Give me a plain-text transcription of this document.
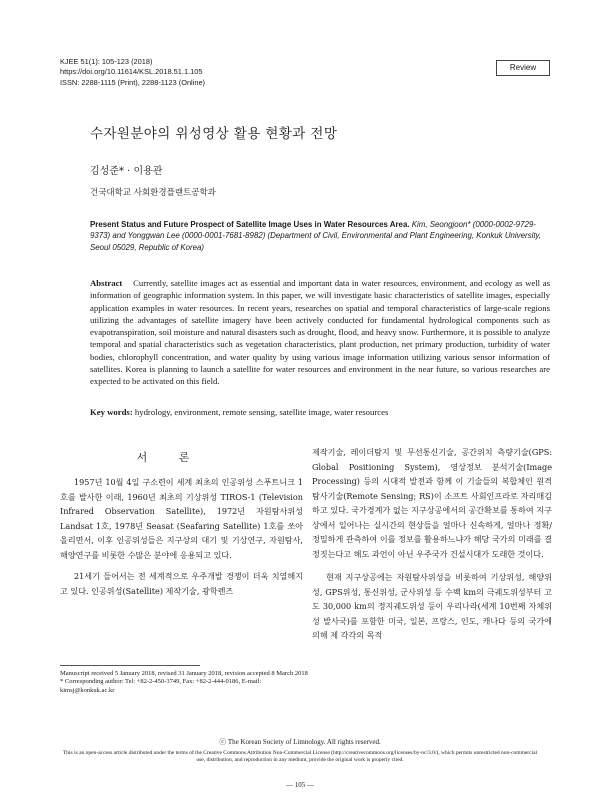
KJEE 51(1): 105-123 (2018)
https://doi.org/10.11614/KSL.2018.51.1.105
ISSN: 2288-1115 (Print), 2288-1123 (Online)
Review
수자원분야의 위성영상 활용 현황과 전망
김성준* · 이용관
건국대학교 사회환경플랜트공학과
Present Status and Future Prospect of Satellite Image Uses in Water Resources Area. Kim, Seongjoon* (0000-0002-9729-9373) and Yonggwan Lee (0000-0001-7681-8982) (Department of Civil, Environmental and Plant Engineering, Konkuk University, Seoul 05029, Republic of Korea)
Abstract Currently, satellite images act as essential and important data in water resources, environment, and ecology as well as information of geographic information system. In this paper, we will investigate basic characteristics of satellite images, especially application examples in water resources. In recent years, researches on spatial and temporal characteristics of large-scale regions utilizing the advantages of satellite imagery have been actively conducted for fundamental hydrological components such as evapotranspiration, soil moisture and natural disasters such as drought, flood, and heavy snow. Furthermore, it is possible to analyze temporal and spatial characteristics such as vegetation characteristics, plant production, net primary production, turbidity of water bodies, chlorophyll concentration, and water quality by using various image information utilizing various sensor information of satellites. Korea is planning to launch a satellite for water resources and environment in the near future, so various researches are expected to be activated on this field.
Key words: hydrology, environment, remote sensing, satellite image, water resources
서 론

1957년 10월 4일 구소련이 세계 최초의 인공위성 스푸트니크 1호를 발사한 이래, 1960년 최초의 기상위성 TIROS-1 (Television Infrared Observation Satellite), 1972년 자원탐사위성 Landsat 1호, 1978년 Seasat (Seafaring Satellite) 1호를 쏘아 올리면서, 이후 인공위성들은 지구상의 대기 및 기상연구, 자원탐사, 해양연구를 비롯한 수많은 분야에 응용되고 있다.

21세기 들어서는 전 세계적으로 우주개발 경쟁이 더욱 치열해지고 있다. 인공위성(Satellite) 제작기술, 광학렌즈

제작기술, 레이더탐지 및 무선통신기술, 공간위치 측량기술(GPS: Global Positioning System), 영상정보 분석기술(Image Processing) 등의 시대적 발전과 함께 이 기술들의 복합체인 원격탐사기술(Remote Sensing; RS)이 소프트 사회인프라로 자리매김하고 있다. 국가경계가 없는 지구상공에서의 공간확보를 통하여 지구상에서 일어나는 실시간의 현상들을 얼마나 신속하게, 얼마나 정확/정밀하게 관측하여 이를 정보를 활용하느냐가 해당 국가의 미래를 결정짓는다고 해도 과언이 아닌 우주국가 건설시대가 도래한 것이다.

현재 지구상공에는 자원탐사위성을 비롯하여 기상위성, 해양위성, GPS위성, 통신위성, 군사위성 등 수백 km의 극궤도위성부터 고도 30,000 km의 정지궤도위성 등이 우리나라(세계 10번째 자체위성 발사국)를 포함한 미국, 일본, 프랑스, 인도, 캐나다 등의 국가에 의해 제 각각의 목적

Manuscript received 5 January 2018, revised 31 January 2018, revision accepted 8 March 2018
* Corresponding author: Tel: +82-2-450-3749, Fax: +82-2-444-0186, E-mail: kimsj@konkuk.ac.kr
ⓒ The Korean Society of Limnology. All rights reserved.
This is an open-access article distributed under the terms of the Creative Commons Attribution Non-Commercial License (http://creativecommons.org/licenses/by-nc/3.0/), which permits unrestricted non-commercial use, distribution, and reproduction in any medium, provide the original work is properly cited.
— 105 —
